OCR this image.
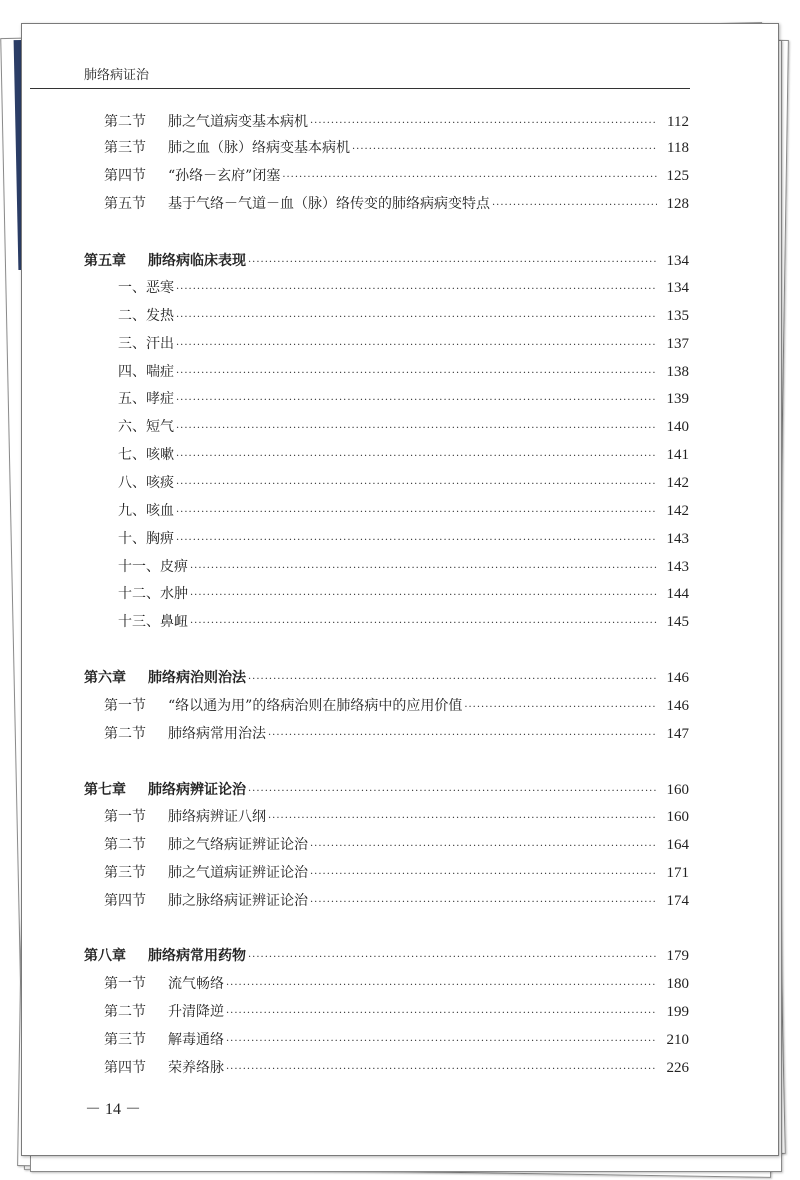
肺络病证治
－ 14 －
第二节	肺之气道病变基本病机 ·····	112
第三节	肺之血（脉）络病变基本病机 ·····	118
第四节	“孙络－玄府”闭塞 ·····	125
第五节	基于气络－气道－血（脉）络传变的肺络病病变特点 ·····	128
第五章	肺络病临床表现 ·····	134
一、恶寒 ·····	134
二、发热 ·····	135
三、汗出 ·····	137
四、喘症 ·····	138
五、哮症 ·····	139
六、短气 ·····	140
七、咳嗽 ·····	141
八、咳痰 ·····	142
九、咳血 ·····	142
十、胸痹 ·····	143
十一、皮痹 ·····	143
十二、水肿 ·····	144
十三、鼻衄 ·····	145
第六章	肺络病治则治法 ·····	146
第一节	“络以通为用”的络病治则在肺络病中的应用价值 ·····	146
第二节	肺络病常用治法 ·····	147
第七章	肺络病辨证论治 ·····	160
第一节	肺络病辨证八纲 ·····	160
第二节	肺之气络病证辨证论治 ·····	164
第三节	肺之气道病证辨证论治 ·····	171
第四节	肺之脉络病证辨证论治 ·····	174
第八章	肺络病常用药物 ·····	179
第一节	流气畅络 ·····	180
第二节	升清降逆 ·····	199
第三节	解毒通络 ·····	210
第四节	荣养络脉 ·····	226
